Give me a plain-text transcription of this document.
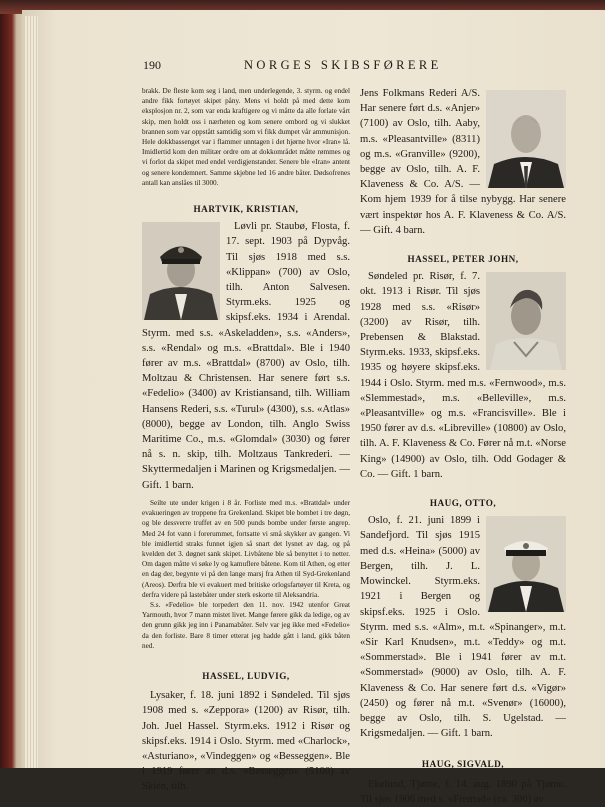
190	NORGES SKIBSFØRERE

brakk. De fleste kom seg i land, men underlegende, 3. styrm. og endel andre fikk fortøyet skipet påny. Mens vi holdt på med dette kom eksplosjon nr. 2, som var enda kraftigere og vi måtte da alle forlate vårt skip, men holdt oss i nærheten og kom senere ombord og vi slukket brannen som var oppstått samtidig som vi fikk dumpet vår ammunisjon. Hele dokkbassenget var i flammer unntagen i det hjørne hvor «Iran» lå. Imidlertid kom den militær ordre om at dokkområdet måtte rømmes og vi forlot da skipet med endel verdigjenstander. Senere ble «Iran» antent og senere kondemnert. Samme skjebne led 16 andre båter. Dødsofrenes antall kan anslåes til 3000.

HARTVIK, KRISTIAN,

Løvli pr. Staubø, Flosta, f. 17. sept. 1903 på Dypvåg. Til sjøs 1918 med s.s. «Klippan» (700) av Oslo, tilh. Anton Salvesen. Styrm.eks. 1925 og skipsf.eks. 1934 i Arendal. Styrm. med s.s. «Askeladden», s.s. «Anders», s.s. «Rendal» og m.s. «Brattdal». Ble i 1940 fører av m.s. «Brattdal» (8700) av Oslo, tilh. Moltzau & Christensen. Har senere ført s.s. «Fedelio» (3400) av Kristiansand, tilh. William Hansens Rederi, s.s. «Turul» (4300), s.s. «Atlas» (8000), begge av London, tilh. Anglo Swiss Maritime Co., m.s. «Glomdal» (3030) og fører nå s. n. skip, tilh. Moltzaus Tankrederi. — Skyttermedaljen i Marinen og Krigsmedaljen. — Gift. 1 barn.

Seilte ute under krigen i 8 år. Forliste med m.s. «Brattdal» under evakueringen av troppene fra Grekenland. Skipet ble bombet i tre døgn, og ble dessverre truffet av en 500 punds bombe under første angrep. Med 24 fot vann i forerummet, fortsatte vi små skykker av gangen. Vi ble imidlertid straks funnet igjen så snart det lysnet av dag, og på kvelden det 3. døgnet sank skipet. Livbåtene ble så benyttet i to netter. Om dagen måtte vi søke ly og kamuflere båtene. Kom til Athen, og etter en dag der, begynte vi på den lange marsj fra Athen til Syd-Grekenland (Areos). Derfra ble vi evakuert med britiske orlogsfartøyer til Kreta, og derfra videre på lastebåter under sterk eskorte til Aleksandria.

S.s. «Fedelio» ble torpedert den 11. nov. 1942 utenfor Great Yarmouth, hvor 7 mann mistet livet. Mange førere gikk da ledige, og av den grunn gikk jeg inn i Panamabåter. Selv var jeg ikke med «Fedelio» da den forliste. Bare 8 timer etterat jeg hadde gått i land, gikk båten ned.

HASSEL, LUDVIG,

Lysaker, f. 18. juni 1892 i Søndeled. Til sjøs 1908 med s. «Zeppora» (1200) av Risør, tilh. Joh. Juel Hassel. Styrm.eks. 1912 i Risør og skipsf.eks. 1914 i Oslo. Styrm. med «Charlock», «Asturiano», «Vindeggen» og «Besseggen». Ble i 1919 fører av d.s. «Besseggen» (5100) av Skien, tilh.

Jens Folkmans Rederi A/S. Har senere ført d.s. «Anjer» (7100) av Oslo, tilh. Aaby, m.s. «Pleasantville» (8311) og m.s. «Granville» (9200), begge av Oslo, tilh. A. F. Klaveness & Co. A/S. — Kom hjem 1939 for å tilse nybygg. Har senere vært inspektør hos A. F. Klaveness & Co. A/S. — Gift. 4 barn.

HASSEL, PETER JOHN,

Søndeled pr. Risør, f. 7. okt. 1913 i Risør. Til sjøs 1928 med s.s. «Risør» (3200) av Risør, tilh. Prebensen & Blakstad. Styrm.eks. 1933, skipsf.eks. 1935 og høyere skipsf.eks. 1944 i Oslo. Styrm. med m.s. «Fernwood», m.s. «Slemmestad», m.s. «Belleville», m.s. «Pleasantville» og m.s. «Francisville». Ble i 1950 fører av d.s. «Libreville» (10800) av Oslo, tilh. A. F. Klaveness & Co. Fører nå m.t. «Norse King» (14900) av Oslo, tilh. Odd Godager & Co. — Gift. 1 barn.

HAUG, OTTO,

Oslo, f. 21. juni 1899 i Sandefjord. Til sjøs 1915 med d.s. «Heina» (5000) av Bergen, tilh. J. L. Mowinckel. Styrm.eks. 1921 i Bergen og skipsf.eks. 1925 i Oslo. Styrm. med s.s. «Alm», m.t. «Spinanger», m.t. «Sir Karl Knudsen», m.t. «Teddy» og m.t. «Sommerstad». Ble i 1941 fører av m.t. «Sommerstad» (9000) av Oslo, tilh. A. F. Klaveness & Co. Har senere ført d.s. «Vigør» (2450) og fører nå m.t. «Svenør» (16000), begge av Oslo, tilh. S. Ugelstad. — Krigsmedaljen. — Gift. 1 barn.

HAUG, SIGVALD,

Ekelund, Tjøme, f. 14. aug. 1890 på Tjøme. Til sjøs 1906 med s. «Fremad» (ca. 300) av
